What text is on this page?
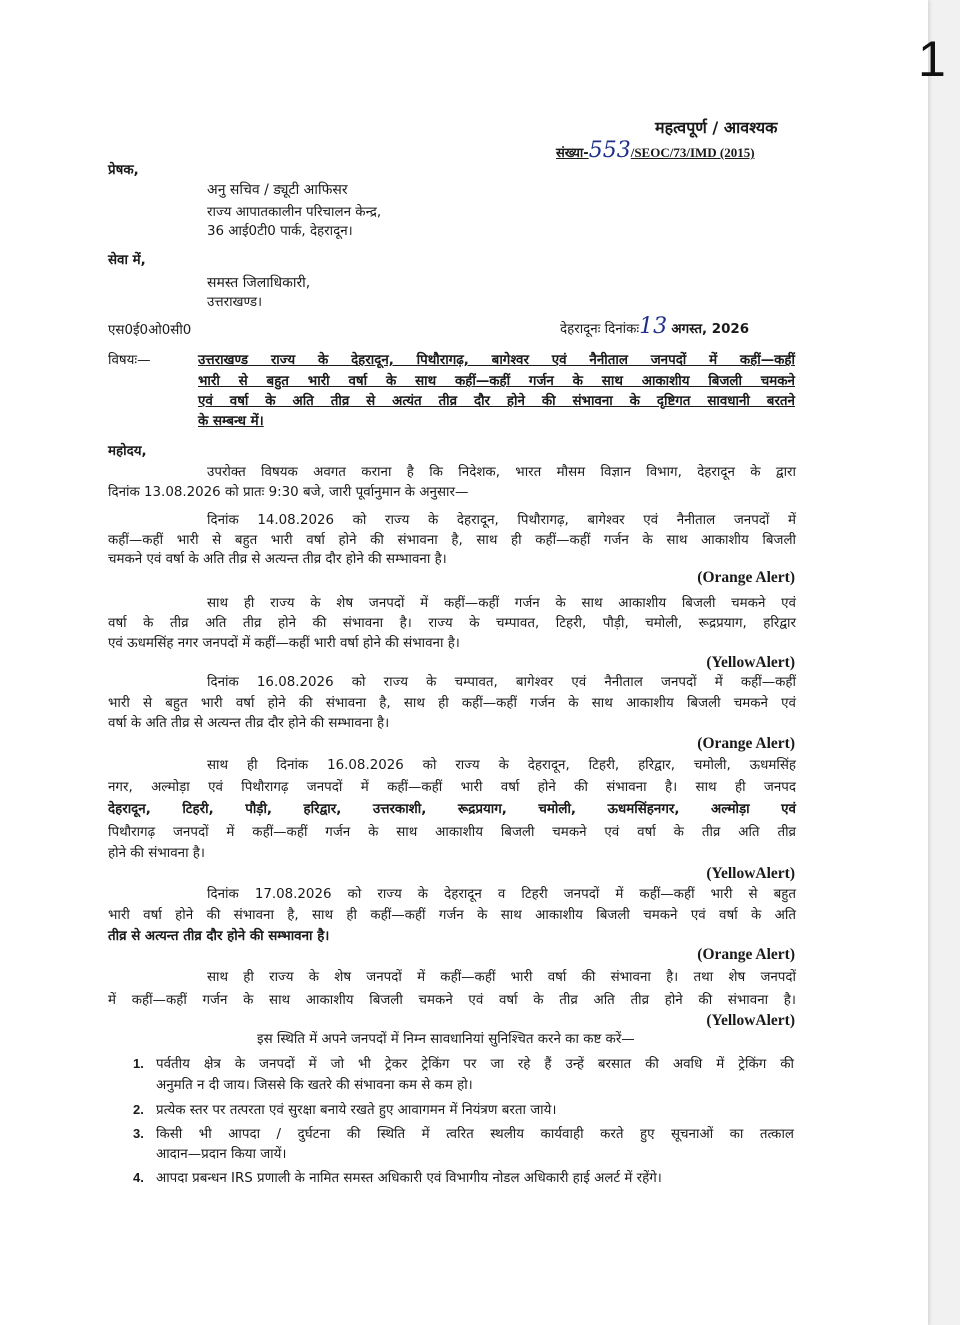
1
महत्वपूर्ण / आवश्यक
संख्या-553/SEOC/73/IMD (2015)
प्रेषक,
अनु सचिव / ड्यूटी आफिसर
राज्य आपातकालीन परिचालन केन्द्र,
36 आई0टी0 पार्क, देहरादून।
सेवा में,
समस्त जिलाधिकारी,
उत्तराखण्ड।
एस0ई0ओ0सी0	देहरादूनः दिनांकः13 अगस्त, 2026
विषयः—	उत्तराखण्ड राज्य के देहरादून, पिथौरागढ़, बागेश्वर एवं नैनीताल जनपदों में कहीं—कहीं
भारी से बहुत भारी वर्षा के साथ कहीं—कहीं गर्जन के साथ आकाशीय बिजली चमकने
एवं वर्षा के अति तीव्र से अत्यंत तीव्र दौर होने की संभावना के दृष्टिगत सावधानी बरतने
के सम्बन्ध में।
महोदय,
उपरोक्त विषयक अवगत कराना है कि निदेशक, भारत मौसम विज्ञान विभाग, देहरादून के द्वारा
दिनांक 13.08.2026 को प्रातः 9:30 बजे, जारी पूर्वानुमान के अनुसार—
दिनांक 14.08.2026 को राज्य के देहरादून, पिथौरागढ़, बागेश्वर एवं नैनीताल जनपदों में
कहीं—कहीं भारी से बहुत भारी वर्षा होने की संभावना है, साथ ही कहीं—कहीं गर्जन के साथ आकाशीय बिजली
चमकने एवं वर्षा के अति तीव्र से अत्यन्त तीव्र दौर होने की सम्भावना है।
(Orange Alert)
साथ ही राज्य के शेष जनपदों में कहीं—कहीं गर्जन के साथ आकाशीय बिजली चमकने एवं
वर्षा के तीव्र अति तीव्र होने की संभावना है। राज्य के चम्पावत, टिहरी, पौड़ी, चमोली, रूद्रप्रयाग, हरिद्वार
एवं ऊधमसिंह नगर जनपदों में कहीं—कहीं भारी वर्षा होने की संभावना है।
(YellowAlert)
दिनांक 16.08.2026 को राज्य के चम्पावत, बागेश्वर एवं नैनीताल जनपदों में कहीं—कहीं
भारी से बहुत भारी वर्षा होने की संभावना है, साथ ही कहीं—कहीं गर्जन के साथ आकाशीय बिजली चमकने एवं
वर्षा के अति तीव्र से अत्यन्त तीव्र दौर होने की सम्भावना है।
(Orange Alert)
साथ ही दिनांक 16.08.2026 को राज्य के देहरादून, टिहरी, हरिद्वार, चमोली, ऊधमसिंह
नगर, अल्मोड़ा एवं पिथौरागढ़ जनपदों में कहीं—कहीं भारी वर्षा होने की संभावना है। साथ ही जनपद
देहरादून, टिहरी, पौड़ी, हरिद्वार, उत्तरकाशी, रूद्रप्रयाग, चमोली, ऊधमसिंहनगर, अल्मोड़ा एवं
पिथौरागढ़ जनपदों में कहीं—कहीं गर्जन के साथ आकाशीय बिजली चमकने एवं वर्षा के तीव्र अति तीव्र
होने की संभावना है।
(YellowAlert)
दिनांक 17.08.2026 को राज्य के देहरादून व टिहरी जनपदों में कहीं—कहीं भारी से बहुत
भारी वर्षा होने की संभावना है, साथ ही कहीं—कहीं गर्जन के साथ आकाशीय बिजली चमकने एवं वर्षा के अति
तीव्र से अत्यन्त तीव्र दौर होने की सम्भावना है।
(Orange Alert)
साथ ही राज्य के शेष जनपदों में कहीं—कहीं भारी वर्षा की संभावना है। तथा शेष जनपदों
में कहीं—कहीं गर्जन के साथ आकाशीय बिजली चमकने एवं वर्षा के तीव्र अति तीव्र होने की संभावना है।
(YellowAlert)
इस स्थिति में अपने जनपदों में निम्न सावधानियां सुनिश्चित करने का कष्ट करें—
1. पर्वतीय क्षेत्र के जनपदों में जो भी ट्रेकर ट्रेकिंग पर जा रहे हैं उन्हें बरसात की अवधि में ट्रेकिंग की
अनुमति न दी जाय। जिससे कि खतरे की संभावना कम से कम हो।
2. प्रत्येक स्तर पर तत्परता एवं सुरक्षा बनाये रखते हुए आवागमन में नियंत्रण बरता जाये।
3. किसी भी आपदा / दुर्घटना की स्थिति में त्वरित स्थलीय कार्यवाही करते हुए सूचनाओं का तत्काल
आदान—प्रदान किया जायें।
4. आपदा प्रबन्धन IRS प्रणाली के नामित समस्त अधिकारी एवं विभागीय नोडल अधिकारी हाई अलर्ट में रहेंगे।
